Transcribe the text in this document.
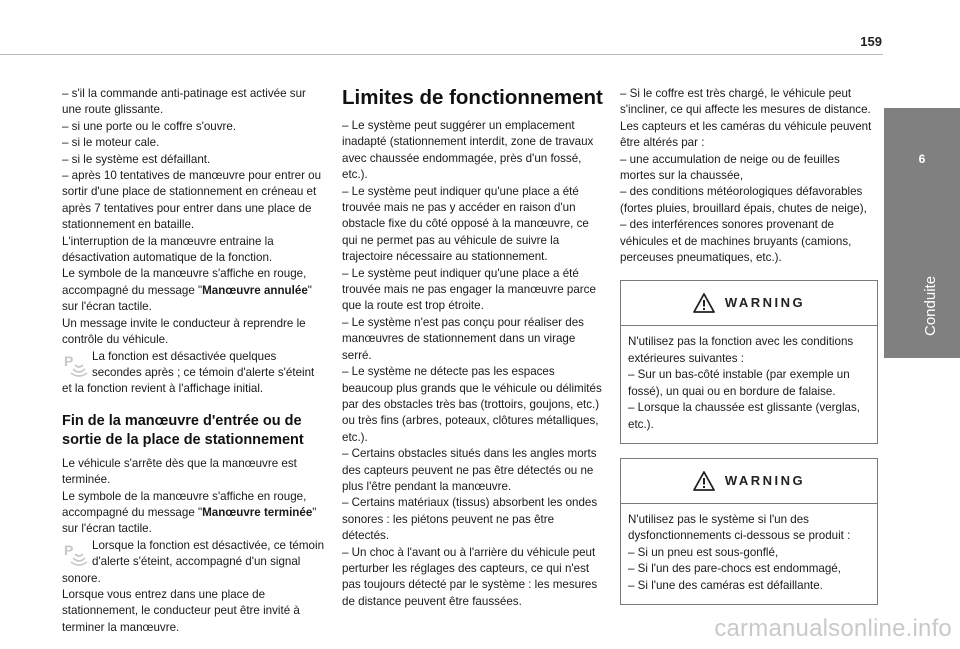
159
6
Conduite

– s'il la commande anti-patinage est activée sur une route glissante.

– si une porte ou le coffre s'ouvre.

– si le moteur cale.

– si le système est défaillant.

– après 10 tentatives de manœuvre pour entrer ou sortir d'une place de stationnement en créneau et après 7 tentatives pour entrer dans une place de stationnement en bataille.

L'interruption de la manœuvre entraine la désactivation automatique de la fonction.

Le symbole de la manœuvre s'affiche en rouge, accompagné du message "Manœuvre annulée" sur l'écran tactile.

Un message invite le conducteur à reprendre le contrôle du véhicule.

P La fonction est désactivée quelques secondes après ; ce témoin d'alerte s'éteint et la fonction revient à l'affichage initial.

Fin de la manœuvre d'entrée ou de sortie de la place de stationnement

Le véhicule s'arrête dès que la manœuvre est terminée.

Le symbole de la manœuvre s'affiche en rouge, accompagné du message "Manœuvre terminée" sur l'écran tactile.

P Lorsque la fonction est désactivée, ce témoin d'alerte s'éteint, accompagné d'un signal sonore.

Lorsque vous entrez dans une place de stationnement, le conducteur peut être invité à terminer la manœuvre.

Limites de fonctionnement

– Le système peut suggérer un emplacement inadapté (stationnement interdit, zone de travaux avec chaussée endommagée, près d'un fossé, etc.).

– Le système peut indiquer qu'une place a été trouvée mais ne pas y accéder en raison d'un obstacle fixe du côté opposé à la manœuvre, ce qui ne permet pas au véhicule de suivre la trajectoire nécessaire au stationnement.

– Le système peut indiquer qu'une place a été trouvée mais ne pas engager la manœuvre parce que la route est trop étroite.

– Le système n'est pas conçu pour réaliser des manœuvres de stationnement dans un virage serré.

– Le système ne détecte pas les espaces beaucoup plus grands que le véhicule ou délimités par des obstacles très bas (trottoirs, goujons, etc.) ou très fins (arbres, poteaux, clôtures métalliques, etc.).

– Certains obstacles situés dans les angles morts des capteurs peuvent ne pas être détectés ou ne plus l'être pendant la manœuvre.

– Certains matériaux (tissus) absorbent les ondes sonores : les piétons peuvent ne pas être détectés.

– Un choc à l'avant ou à l'arrière du véhicule peut perturber les réglages des capteurs, ce qui n'est pas toujours détecté par le système : les mesures de distance peuvent être faussées.

– Si le coffre est très chargé, le véhicule peut s'incliner, ce qui affecte les mesures de distance.

Les capteurs et les caméras du véhicule peuvent être altérés par :

– une accumulation de neige ou de feuilles mortes sur la chaussée,

– des conditions météorologiques défavorables (fortes pluies, brouillard épais, chutes de neige),

– des interférences sonores provenant de véhicules et de machines bruyants (camions, perceuses pneumatiques, etc.).

WARNING

N'utilisez pas la fonction avec les conditions extérieures suivantes :

– Sur un bas-côté instable (par exemple un fossé), un quai ou en bordure de falaise.

– Lorsque la chaussée est glissante (verglas, etc.).

WARNING

N'utilisez pas le système si l'un des dysfonctionnements ci-dessous se produit :

– Si un pneu est sous-gonflé,

– Si l'un des pare-chocs est endommagé,

– Si l'une des caméras est défaillante.

carmanualsonline.info
